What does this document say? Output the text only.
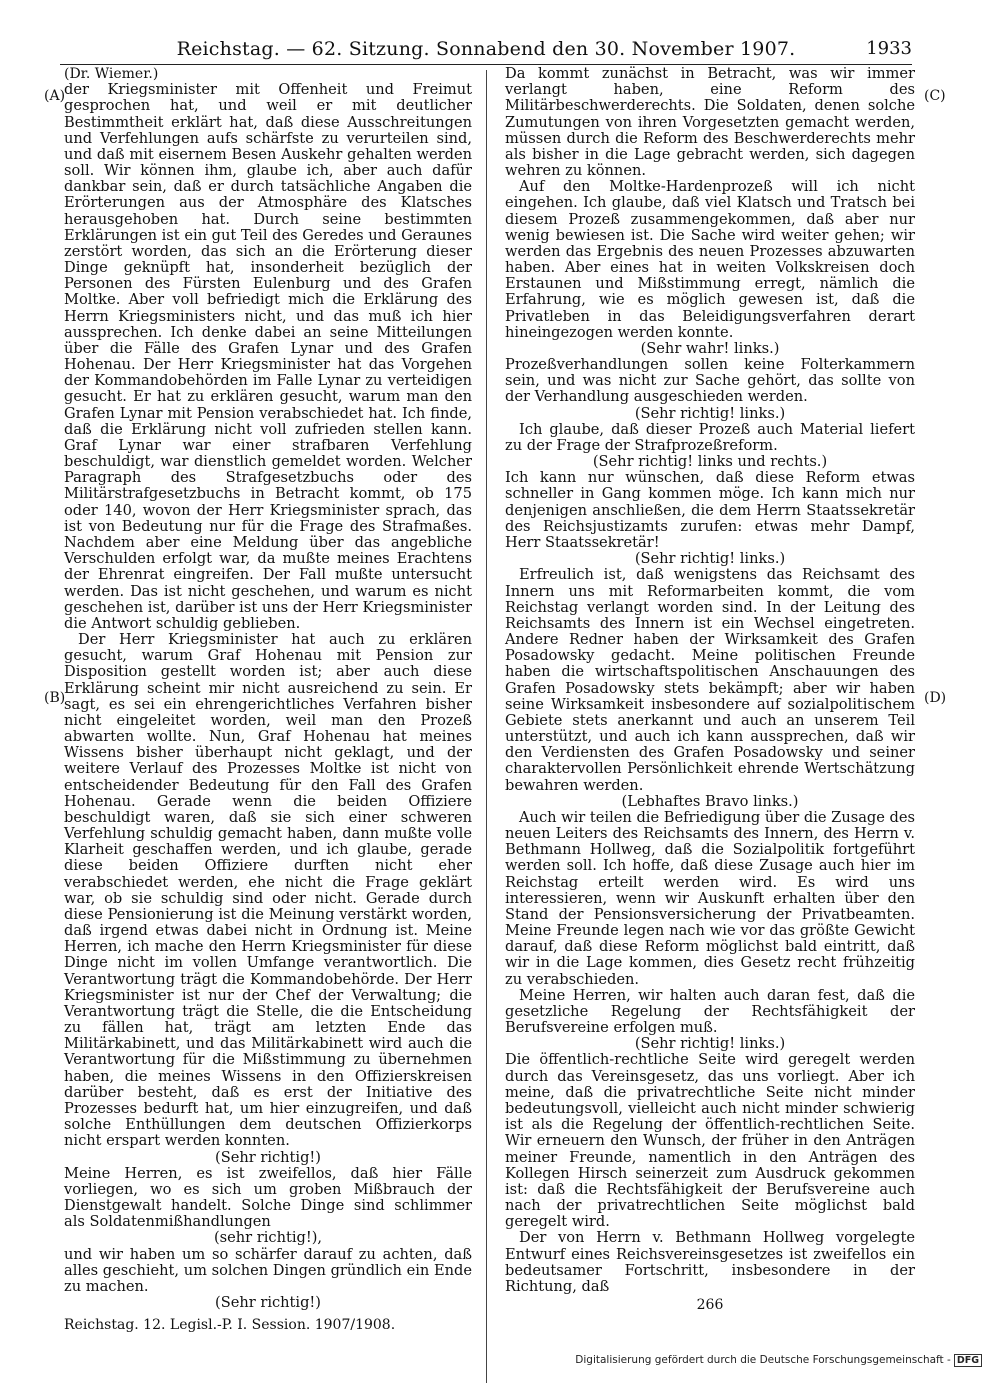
Reichstag. — 62. Sitzung. Sonnabend den 30. November 1907.	1933
(A)
(B)
(C)
(D)

(Dr. Wiemer.)

der Kriegsminister mit Offenheit und Freimut gesprochen hat, und weil er mit deutlicher Bestimmtheit erklärt hat, daß diese Ausschreitungen und Verfehlungen aufs schärfste zu verurteilen sind, und daß mit eisernem Besen Auskehr gehalten werden soll. Wir können ihm, glaube ich, aber auch dafür dankbar sein, daß er durch tatsächliche Angaben die Erörterungen aus der Atmosphäre des Klatsches herausgehoben hat. Durch seine bestimmten Erklärungen ist ein gut Teil des Geredes und Geraunes zerstört worden, das sich an die Erörterung dieser Dinge geknüpft hat, insonderheit bezüglich der Personen des Fürsten Eulenburg und des Grafen Moltke. Aber voll befriedigt mich die Erklärung des Herrn Kriegsministers nicht, und das muß ich hier aussprechen. Ich denke dabei an seine Mitteilungen über die Fälle des Grafen Lynar und des Grafen Hohenau. Der Herr Kriegsminister hat das Vorgehen der Kommandobehörden im Falle Lynar zu verteidigen gesucht. Er hat zu erklären gesucht, warum man den Grafen Lynar mit Pension verabschiedet hat. Ich finde, daß die Erklärung nicht voll zufrieden stellen kann. Graf Lynar war einer strafbaren Verfehlung beschuldigt, war dienstlich gemeldet worden. Welcher Paragraph des Strafgesetzbuchs oder des Militärstrafgesetzbuchs in Betracht kommt, ob 175 oder 140, wovon der Herr Kriegsminister sprach, das ist von Bedeutung nur für die Frage des Strafmaßes. Nachdem aber eine Meldung über das angebliche Verschulden erfolgt war, da mußte meines Erachtens der Ehrenrat eingreifen. Der Fall mußte untersucht werden. Das ist nicht geschehen, und warum es nicht geschehen ist, darüber ist uns der Herr Kriegsminister die Antwort schuldig geblieben.

Der Herr Kriegsminister hat auch zu erklären gesucht, warum Graf Hohenau mit Pension zur Disposition gestellt worden ist; aber auch diese Erklärung scheint mir nicht ausreichend zu sein. Er sagt, es sei ein ehrengerichtliches Verfahren bisher nicht eingeleitet worden, weil man den Prozeß abwarten wollte. Nun, Graf Hohenau hat meines Wissens bisher überhaupt nicht geklagt, und der weitere Verlauf des Prozesses Moltke ist nicht von entscheidender Bedeutung für den Fall des Grafen Hohenau. Gerade wenn die beiden Offiziere beschuldigt waren, daß sie sich einer schweren Verfehlung schuldig gemacht haben, dann mußte volle Klarheit geschaffen werden, und ich glaube, gerade diese beiden Offiziere durften nicht eher verabschiedet werden, ehe nicht die Frage geklärt war, ob sie schuldig sind oder nicht. Gerade durch diese Pensionierung ist die Meinung verstärkt worden, daß irgend etwas dabei nicht in Ordnung ist. Meine Herren, ich mache den Herrn Kriegsminister für diese Dinge nicht im vollen Umfange verantwortlich. Die Verantwortung trägt die Kommandobehörde. Der Herr Kriegsminister ist nur der Chef der Verwaltung; die Verantwortung trägt die Stelle, die die Entscheidung zu fällen hat, trägt am letzten Ende das Militärkabinett, und das Militärkabinett wird auch die Verantwortung für die Mißstimmung zu übernehmen haben, die meines Wissens in den Offizierskreisen darüber besteht, daß es erst der Initiative des Prozesses bedurft hat, um hier einzugreifen, und daß solche Enthüllungen dem deutschen Offizierkorps nicht erspart werden konnten.

(Sehr richtig!)

Meine Herren, es ist zweifellos, daß hier Fälle vorliegen, wo es sich um groben Mißbrauch der Dienstgewalt handelt. Solche Dinge sind schlimmer als Soldatenmißhandlungen

(sehr richtig!),

und wir haben um so schärfer darauf zu achten, daß alles geschieht, um solchen Dingen gründlich ein Ende zu machen.

(Sehr richtig!)

Reichstag. 12. Legisl.-P. I. Session. 1907/1908.

Da kommt zunächst in Betracht, was wir immer verlangt haben, eine Reform des Militärbeschwerderechts. Die Soldaten, denen solche Zumutungen von ihren Vorgesetzten gemacht werden, müssen durch die Reform des Beschwerderechts mehr als bisher in die Lage gebracht werden, sich dagegen wehren zu können.

Auf den Moltke-Hardenprozeß will ich nicht eingehen. Ich glaube, daß viel Klatsch und Tratsch bei diesem Prozeß zusammengekommen, daß aber nur wenig bewiesen ist. Die Sache wird weiter gehen; wir werden das Ergebnis des neuen Prozesses abzuwarten haben. Aber eines hat in weiten Volkskreisen doch Erstaunen und Mißstimmung erregt, nämlich die Erfahrung, wie es möglich gewesen ist, daß die Privatleben in das Beleidigungsverfahren derart hineingezogen werden konnte.

(Sehr wahr! links.)

Prozeßverhandlungen sollen keine Folterkammern sein, und was nicht zur Sache gehört, das sollte von der Verhandlung ausgeschieden werden.

(Sehr richtig! links.)

Ich glaube, daß dieser Prozeß auch Material liefert zu der Frage der Strafprozeßreform.

(Sehr richtig! links und rechts.)

Ich kann nur wünschen, daß diese Reform etwas schneller in Gang kommen möge. Ich kann mich nur denjenigen anschließen, die dem Herrn Staatssekretär des Reichsjustizamts zurufen: etwas mehr Dampf, Herr Staatssekretär!

(Sehr richtig! links.)

Erfreulich ist, daß wenigstens das Reichsamt des Innern uns mit Reformarbeiten kommt, die vom Reichstag verlangt worden sind. In der Leitung des Reichsamts des Innern ist ein Wechsel eingetreten. Andere Redner haben der Wirksamkeit des Grafen Posadowsky gedacht. Meine politischen Freunde haben die wirtschaftspolitischen Anschauungen des Grafen Posadowsky stets bekämpft; aber wir haben seine Wirksamkeit insbesondere auf sozialpolitischem Gebiete stets anerkannt und auch an unserem Teil unterstützt, und auch ich kann aussprechen, daß wir den Verdiensten des Grafen Posadowsky und seiner charaktervollen Persönlichkeit ehrende Wertschätzung bewahren werden.

(Lebhaftes Bravo links.)

Auch wir teilen die Befriedigung über die Zusage des neuen Leiters des Reichsamts des Innern, des Herrn v. Bethmann Hollweg, daß die Sozialpolitik fortgeführt werden soll. Ich hoffe, daß diese Zusage auch hier im Reichstag erteilt werden wird. Es wird uns interessieren, wenn wir Auskunft erhalten über den Stand der Pensionsversicherung der Privatbeamten. Meine Freunde legen nach wie vor das größte Gewicht darauf, daß diese Reform möglichst bald eintritt, daß wir in die Lage kommen, dies Gesetz recht frühzeitig zu verabschieden.

Meine Herren, wir halten auch daran fest, daß die gesetzliche Regelung der Rechtsfähigkeit der Berufsvereine erfolgen muß.

(Sehr richtig! links.)

Die öffentlich-rechtliche Seite wird geregelt werden durch das Vereinsgesetz, das uns vorliegt. Aber ich meine, daß die privatrechtliche Seite nicht minder bedeutungsvoll, vielleicht auch nicht minder schwierig ist als die Regelung der öffentlich-rechtlichen Seite. Wir erneuern den Wunsch, der früher in den Anträgen meiner Freunde, namentlich in den Anträgen des Kollegen Hirsch seinerzeit zum Ausdruck gekommen ist: daß die Rechtsfähigkeit der Berufsvereine auch nach der privatrechtlichen Seite möglichst bald geregelt wird.

Der von Herrn v. Bethmann Hollweg vorgelegte Entwurf eines Reichsvereinsgesetzes ist zweifellos ein bedeutsamer Fortschritt, insbesondere in der Richtung, daß

266

Digitalisierung gefördert durch die Deutsche Forschungsgemeinschaft - DFG
